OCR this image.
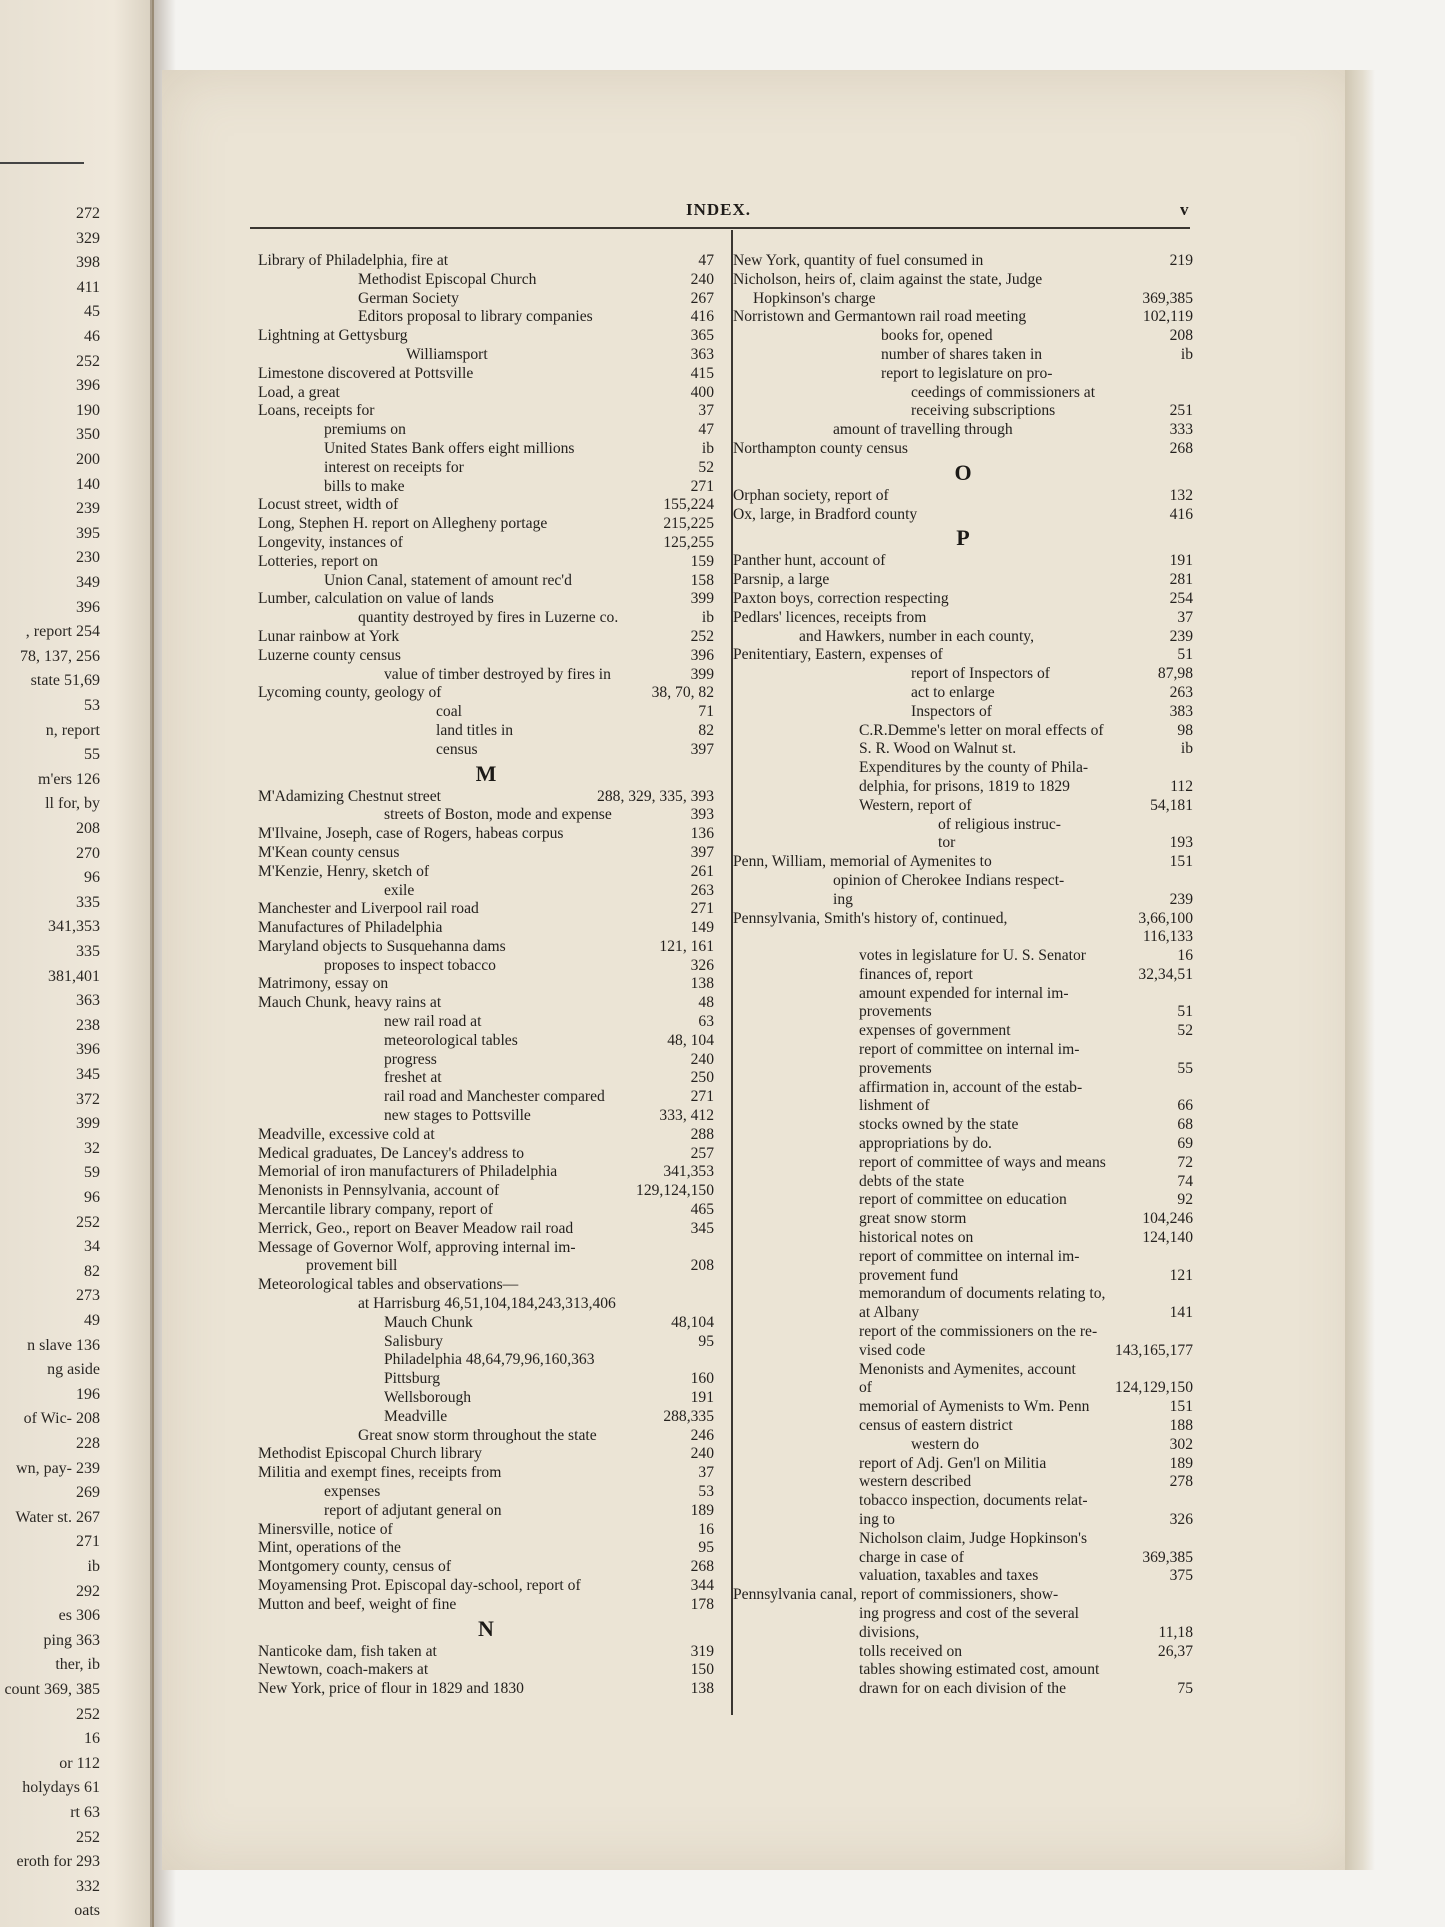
272
329
398
411
45
46
252
396
190
350
200
140
239
395
230
349
396
, report 254
78, 137, 256
state 51,69
53
n, report
55
m'ers 126
ll for, by
208
270
96
335
341,353
335
381,401
363
238
396
345
372
399
32
59
96
252
34
82
273
49
n slave 136
ng aside
196
of Wic- 208
228
wn, pay- 239
269
Water st. 267
271
ib
292
es 306
ping 363
ther, ib
count 369, 385
252
16
or 112
holydays 61
rt 63
252
eroth for 293
332
oats
INDEX.	v
Library of Philadelphia, fire at	47
Methodist Episcopal Church	240
German Society	267
Editors proposal to library companies	416
Lightning at Gettysburg	365
Williamsport	363
Limestone discovered at Pottsville	415
Load, a great	400
Loans, receipts for	37
premiums on	47
United States Bank offers eight millions	ib
interest on receipts for	52
bills to make	271
Locust street, width of	155,224
Long, Stephen H. report on Allegheny portage	215,225
Longevity, instances of	125,255
Lotteries, report on	159
Union Canal, statement of amount rec'd	158
Lumber, calculation on value of lands	399
quantity destroyed by fires in Luzerne co.	ib
Lunar rainbow at York	252
Luzerne county census	396
value of timber destroyed by fires in	399
Lycoming county, geology of	38, 70, 82
coal	71
land titles in	82
census	397
M
M'Adamizing Chestnut street	288, 329, 335, 393
streets of Boston, mode and expense	393
M'Ilvaine, Joseph, case of Rogers, habeas corpus	136
M'Kean county census	397
M'Kenzie, Henry, sketch of	261
exile	263
Manchester and Liverpool rail road	271
Manufactures of Philadelphia	149
Maryland objects to Susquehanna dams	121, 161
proposes to inspect tobacco	326
Matrimony, essay on	138
Mauch Chunk, heavy rains at	48
new rail road at	63
meteorological tables	48, 104
progress	240
freshet at	250
rail road and Manchester compared	271
new stages to Pottsville	333, 412
Meadville, excessive cold at	288
Medical graduates, De Lancey's address to	257
Memorial of iron manufacturers of Philadelphia	341,353
Menonists in Pennsylvania, account of	129,124,150
Mercantile library company, report of	465
Merrick, Geo., report on Beaver Meadow rail road	345
Message of Governor Wolf, approving internal im-
provement bill	208
Meteorological tables and observations—
at Harrisburg 46,51,104,184,243,313,406
Mauch Chunk	48,104
Salisbury	95
Philadelphia 48,64,79,96,160,363
Pittsburg	160
Wellsborough	191
Meadville	288,335
Great snow storm throughout the state	246
Methodist Episcopal Church library	240
Militia and exempt fines, receipts from	37
expenses	53
report of adjutant general on	189
Minersville, notice of	16
Mint, operations of the	95
Montgomery county, census of	268
Moyamensing Prot. Episcopal day-school, report of	344
Mutton and beef, weight of fine	178
N
Nanticoke dam, fish taken at	319
Newtown, coach-makers at	150
New York, price of flour in 1829 and 1830	138
New York, quantity of fuel consumed in	219
Nicholson, heirs of, claim against the state, Judge
Hopkinson's charge	369,385
Norristown and Germantown rail road meeting	102,119
books for, opened	208
number of shares taken in	ib
report to legislature on pro-
ceedings of commissioners at
receiving subscriptions	251
amount of travelling through	333
Northampton county census	268
O
Orphan society, report of	132
Ox, large, in Bradford county	416
P
Panther hunt, account of	191
Parsnip, a large	281
Paxton boys, correction respecting	254
Pedlars' licences, receipts from	37
and Hawkers, number in each county,	239
Penitentiary, Eastern, expenses of	51
report of Inspectors of	87,98
act to enlarge	263
Inspectors of	383
C.R.Demme's letter on moral effects of	98
S. R. Wood on Walnut st.	ib
Expenditures by the county of Phila-
delphia, for prisons, 1819 to 1829	112
Western, report of	54,181
of religious instruc-
tor	193
Penn, William, memorial of Aymenites to	151
opinion of Cherokee Indians respect-
ing	239
Pennsylvania, Smith's history of, continued,	3,66,100
116,133
votes in legislature for U. S. Senator	16
finances of, report	32,34,51
amount expended for internal im-
provements	51
expenses of government	52
report of committee on internal im-
provements	55
affirmation in, account of the estab-
lishment of	66
stocks owned by the state	68
appropriations by do.	69
report of committee of ways and means	72
debts of the state	74
report of committee on education	92
great snow storm	104,246
historical notes on	124,140
report of committee on internal im-
provement fund	121
memorandum of documents relating to,
at Albany	141
report of the commissioners on the re-
vised code	143,165,177
Menonists and Aymenites, account
of	124,129,150
memorial of Aymenists to Wm. Penn	151
census of eastern district	188
western do	302
report of Adj. Gen'l on Militia	189
western described	278
tobacco inspection, documents relat-
ing to	326
Nicholson claim, Judge Hopkinson's
charge in case of	369,385
valuation, taxables and taxes	375
Pennsylvania canal, report of commissioners, show-
ing progress and cost of the several
divisions,	11,18
tolls received on	26,37
tables showing estimated cost, amount
drawn for on each division of the	75
